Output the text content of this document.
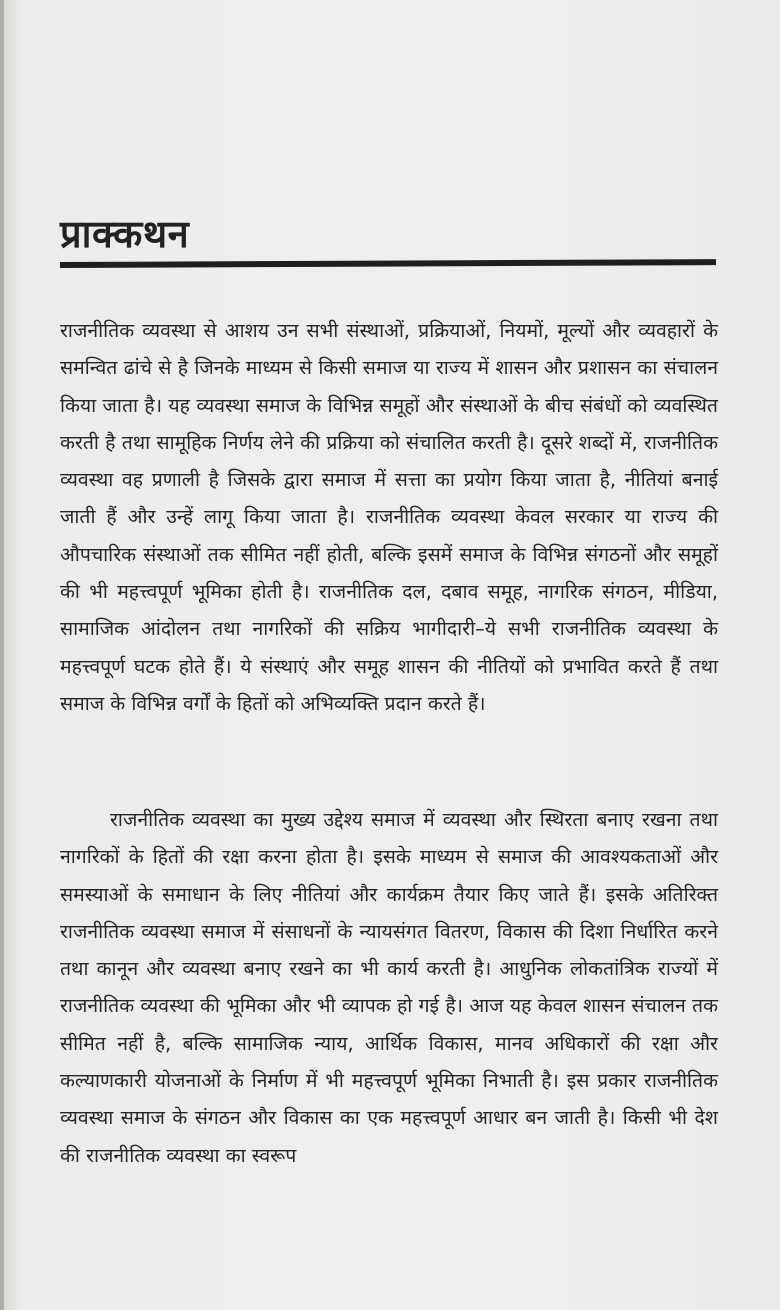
प्राक्कथन

राजनीतिक व्यवस्था से आशय उन सभी संस्थाओं, प्रक्रियाओं, नियमों, मूल्यों और व्यवहारों के समन्वित ढांचे से है जिनके माध्यम से किसी समाज या राज्य में शासन और प्रशासन का संचालन किया जाता है। यह व्यवस्था समाज के विभिन्न समूहों और संस्थाओं के बीच संबंधों को व्यवस्थित करती है तथा सामूहिक निर्णय लेने की प्रक्रिया को संचालित करती है। दूसरे शब्दों में, राजनीतिक व्यवस्था वह प्रणाली है जिसके द्वारा समाज में सत्ता का प्रयोग किया जाता है, नीतियां बनाई जाती हैं और उन्हें लागू किया जाता है। राजनीतिक व्यवस्था केवल सरकार या राज्य की औपचारिक संस्थाओं तक सीमित नहीं होती, बल्कि इसमें समाज के विभिन्न संगठनों और समूहों की भी महत्त्वपूर्ण भूमिका होती है। राजनीतिक दल, दबाव समूह, नागरिक संगठन, मीडिया, सामाजिक आंदोलन तथा नागरिकों की सक्रिय भागीदारी–ये सभी राजनीतिक व्यवस्था के महत्त्वपूर्ण घटक होते हैं। ये संस्थाएं और समूह शासन की नीतियों को प्रभावित करते हैं तथा समाज के विभिन्न वर्गों के हितों को अभिव्यक्ति प्रदान करते हैं।

राजनीतिक व्यवस्था का मुख्य उद्देश्य समाज में व्यवस्था और स्थिरता बनाए रखना तथा नागरिकों के हितों की रक्षा करना होता है। इसके माध्यम से समाज की आवश्यकताओं और समस्याओं के समाधान के लिए नीतियां और कार्यक्रम तैयार किए जाते हैं। इसके अतिरिक्त राजनीतिक व्यवस्था समाज में संसाधनों के न्यायसंगत वितरण, विकास की दिशा निर्धारित करने तथा कानून और व्यवस्था बनाए रखने का भी कार्य करती है। आधुनिक लोकतांत्रिक राज्यों में राजनीतिक व्यवस्था की भूमिका और भी व्यापक हो गई है। आज यह केवल शासन संचालन तक सीमित नहीं है, बल्कि सामाजिक न्याय, आर्थिक विकास, मानव अधिकारों की रक्षा और कल्याणकारी योजनाओं के निर्माण में भी महत्त्वपूर्ण भूमिका निभाती है। इस प्रकार राजनीतिक व्यवस्था समाज के संगठन और विकास का एक महत्त्वपूर्ण आधार बन जाती है। किसी भी देश की राजनीतिक व्यवस्था का स्वरूप
